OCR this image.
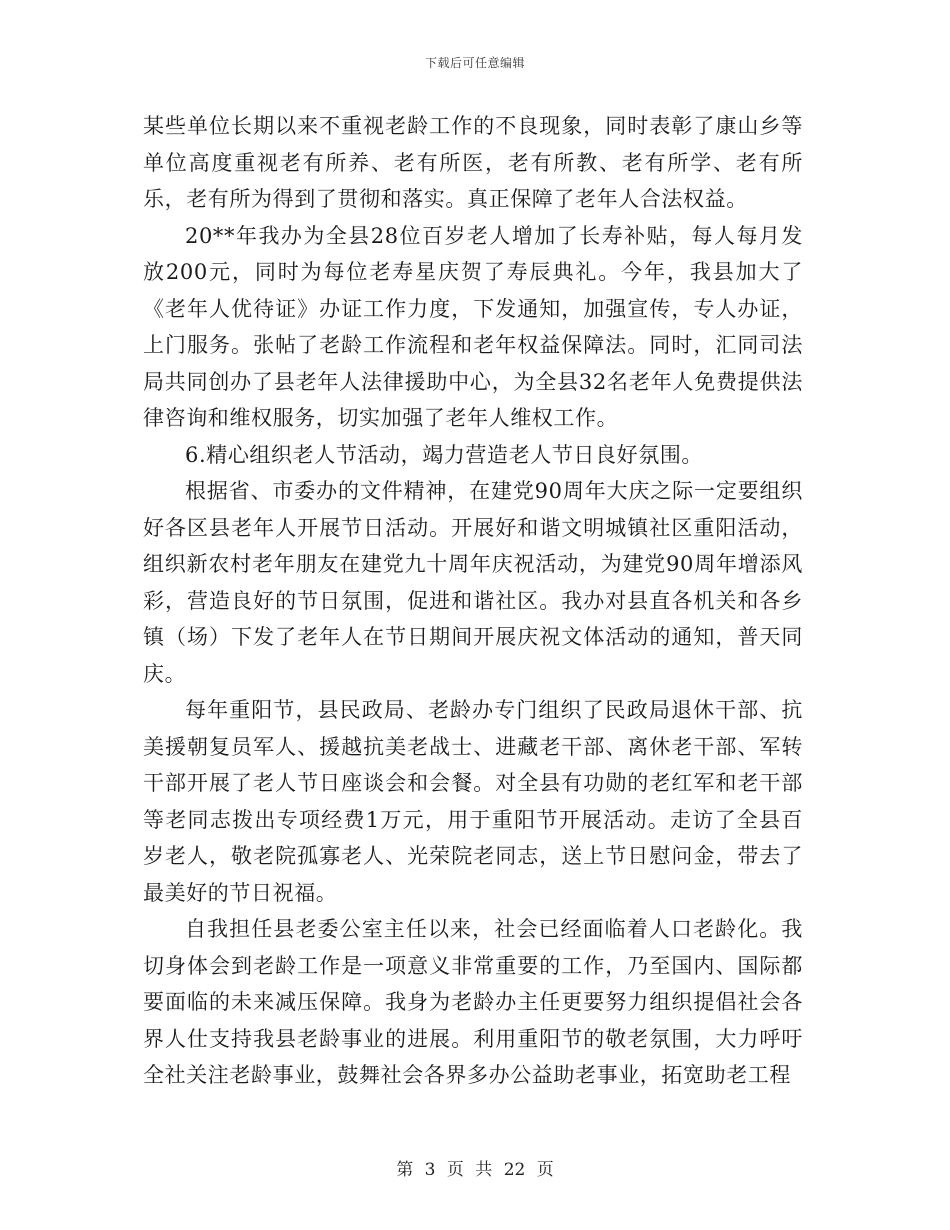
下载后可任意编辑

某些单位长期以来不重视老龄工作的不良现象，同时表彰了康山乡等单位高度重视老有所养、老有所医，老有所教、老有所学、老有所乐，老有所为得到了贯彻和落实。真正保障了老年人合法权益。

20**年我办为全县28位百岁老人增加了长寿补贴，每人每月发放200元，同时为每位老寿星庆贺了寿辰典礼。今年，我县加大了《老年人优待证》办证工作力度，下发通知，加强宣传，专人办证，上门服务。张帖了老龄工作流程和老年权益保障法。同时，汇同司法局共同创办了县老年人法律援助中心，为全县32名老年人免费提供法律咨询和维权服务，切实加强了老年人维权工作。

6.精心组织老人节活动，竭力营造老人节日良好氛围。

根据省、市委办的文件精神，在建党90周年大庆之际一定要组织好各区县老年人开展节日活动。开展好和谐文明城镇社区重阳活动，组织新农村老年朋友在建党九十周年庆祝活动，为建党90周年增添风彩，营造良好的节日氛围，促进和谐社区。我办对县直各机关和各乡镇（场）下发了老年人在节日期间开展庆祝文体活动的通知，普天同庆。

每年重阳节，县民政局、老龄办专门组织了民政局退休干部、抗美援朝复员军人、援越抗美老战士、进藏老干部、离休老干部、军转干部开展了老人节日座谈会和会餐。对全县有功勋的老红军和老干部等老同志拨出专项经费1万元，用于重阳节开展活动。走访了全县百岁老人，敬老院孤寡老人、光荣院老同志，送上节日慰问金，带去了最美好的节日祝福。

自我担任县老委公室主任以来，社会已经面临着人口老龄化。我切身体会到老龄工作是一项意义非常重要的工作，乃至国内、国际都要面临的未来减压保障。我身为老龄办主任更要努力组织提倡社会各界人仕支持我县老龄事业的进展。利用重阳节的敬老氛围，大力呼吁全社关注老龄事业，鼓舞社会各界多办公益助老事业，拓宽助老工程

第 3 页 共 22 页
